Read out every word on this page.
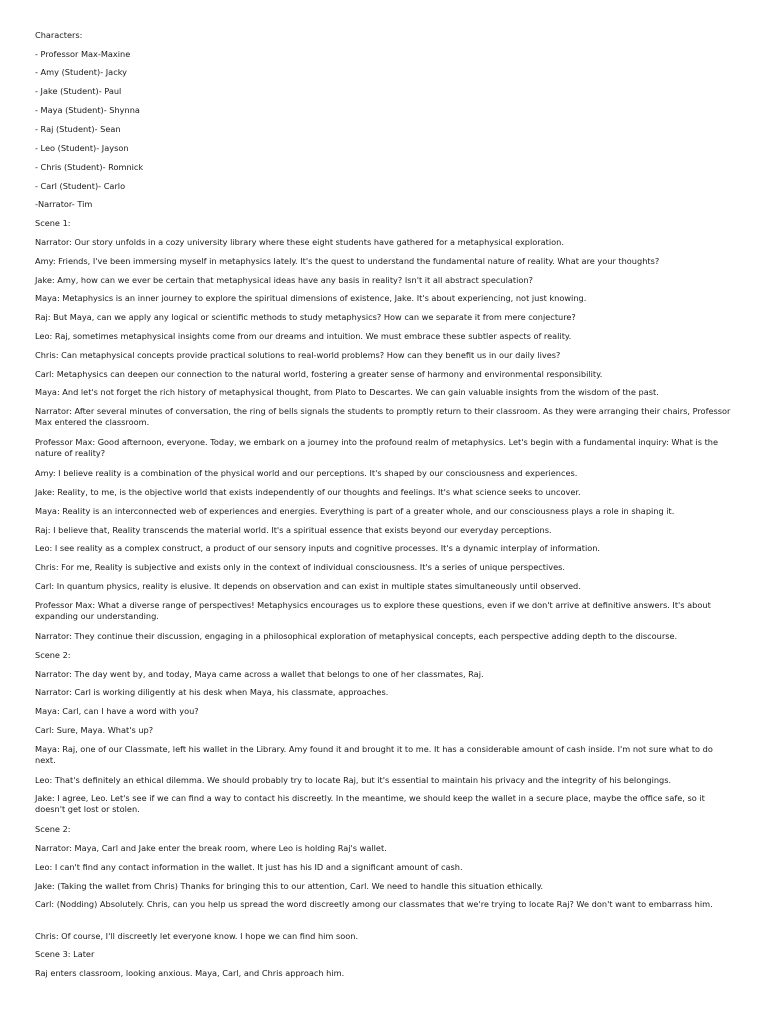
Characters:
- Professor Max-Maxine
- Amy (Student)- Jacky
- Jake (Student)- Paul
- Maya (Student)- Shynna
- Raj (Student)- Sean
- Leo (Student)- Jayson
- Chris (Student)- Romnick
- Carl (Student)- Carlo
-Narrator- Tim
Scene 1:
Narrator: Our story unfolds in a cozy university library where these eight students have gathered for a metaphysical exploration.
Amy: Friends, I've been immersing myself in metaphysics lately. It's the quest to understand the fundamental nature of reality. What are your thoughts?
Jake: Amy, how can we ever be certain that metaphysical ideas have any basis in reality? Isn't it all abstract speculation?
Maya: Metaphysics is an inner journey to explore the spiritual dimensions of existence, Jake. It's about experiencing, not just knowing.
Raj: But Maya, can we apply any logical or scientific methods to study metaphysics? How can we separate it from mere conjecture?
Leo: Raj, sometimes metaphysical insights come from our dreams and intuition. We must embrace these subtler aspects of reality.
Chris: Can metaphysical concepts provide practical solutions to real-world problems? How can they benefit us in our daily lives?
Carl: Metaphysics can deepen our connection to the natural world, fostering a greater sense of harmony and environmental responsibility.
Maya: And let's not forget the rich history of metaphysical thought, from Plato to Descartes. We can gain valuable insights from the wisdom of the past.
Narrator: After several minutes of conversation, the ring of bells signals the students to promptly return to their classroom. As they were arranging their chairs, Professor Max entered the classroom.
Professor Max: Good afternoon, everyone. Today, we embark on a journey into the profound realm of metaphysics. Let's begin with a fundamental inquiry: What is the nature of reality?
Amy: I believe reality is a combination of the physical world and our perceptions. It's shaped by our consciousness and experiences.
Jake: Reality, to me, is the objective world that exists independently of our thoughts and feelings. It's what science seeks to uncover.
Maya: Reality is an interconnected web of experiences and energies. Everything is part of a greater whole, and our consciousness plays a role in shaping it.
Raj: I believe that, Reality transcends the material world. It's a spiritual essence that exists beyond our everyday perceptions.
Leo: I see reality as a complex construct, a product of our sensory inputs and cognitive processes. It's a dynamic interplay of information.
Chris: For me, Reality is subjective and exists only in the context of individual consciousness. It's a series of unique perspectives.
Carl: In quantum physics, reality is elusive. It depends on observation and can exist in multiple states simultaneously until observed.
Professor Max: What a diverse range of perspectives! Metaphysics encourages us to explore these questions, even if we don't arrive at definitive answers. It's about expanding our understanding.
Narrator: They continue their discussion, engaging in a philosophical exploration of metaphysical concepts, each perspective adding depth to the discourse.
Scene 2:
Narrator: The day went by, and today, Maya came across a wallet that belongs to one of her classmates, Raj.
Narrator: Carl is working diligently at his desk when Maya, his classmate, approaches.
Maya: Carl, can I have a word with you?
Carl: Sure, Maya. What's up?
Maya: Raj, one of our Classmate, left his wallet in the Library. Amy found it and brought it to me. It has a considerable amount of cash inside. I'm not sure what to do next.
Leo: That's definitely an ethical dilemma. We should probably try to locate Raj, but it's essential to maintain his privacy and the integrity of his belongings.
Jake: I agree, Leo. Let's see if we can find a way to contact his discreetly. In the meantime, we should keep the wallet in a secure place, maybe the office safe, so it doesn't get lost or stolen.
Scene 2:
Narrator: Maya, Carl and Jake enter the break room, where Leo is holding Raj's wallet.
Leo: I can't find any contact information in the wallet. It just has his ID and a significant amount of cash.
Jake: (Taking the wallet from Chris) Thanks for bringing this to our attention, Carl. We need to handle this situation ethically.
Carl: (Nodding) Absolutely. Chris, can you help us spread the word discreetly among our classmates that we're trying to locate Raj? We don't want to embarrass him.
Chris: Of course, I'll discreetly let everyone know. I hope we can find him soon.
Scene 3: Later
Raj enters classroom, looking anxious. Maya, Carl, and Chris approach him.
